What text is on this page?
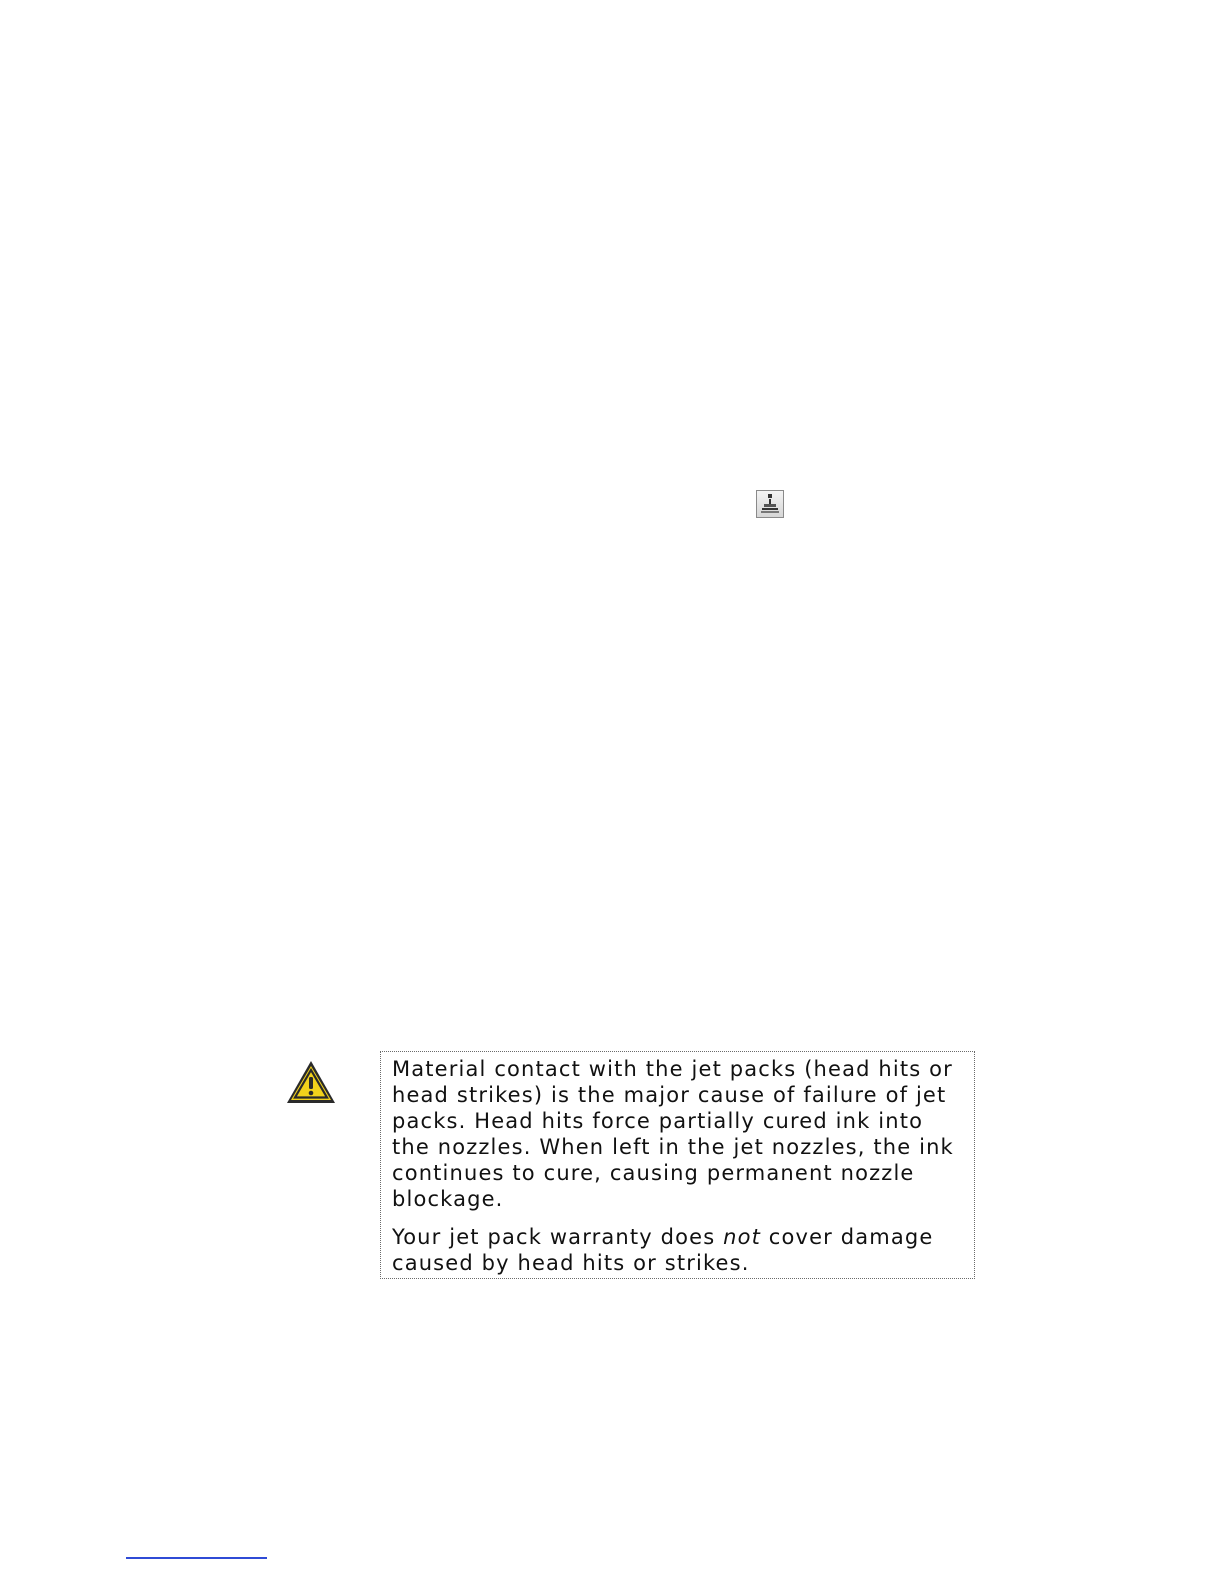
Material contact with the jet packs (head hits or head strikes) is the major cause of failure of jet packs. Head hits force partially cured ink into the nozzles. When left in the jet nozzles, the ink continues to cure, causing permanent nozzle blockage.

Your jet pack warranty does not cover damage caused by head hits or strikes.
